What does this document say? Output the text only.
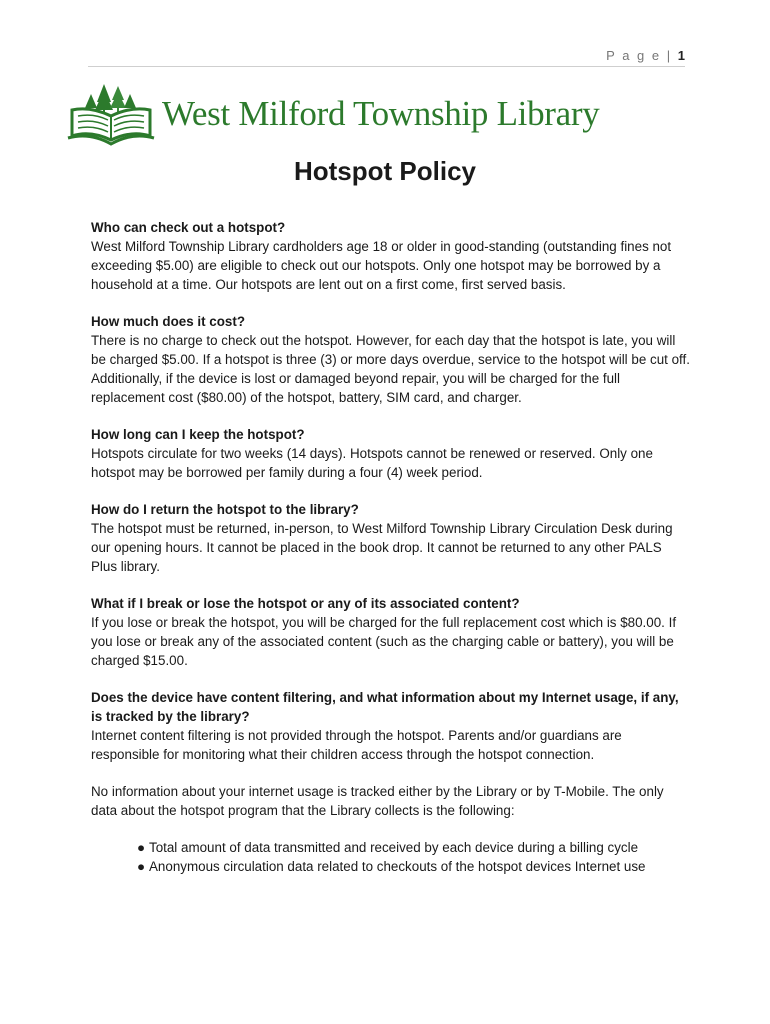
P a g e | 1
West Milford Township Library
Hotspot Policy
Who can check out a hotspot?
West Milford Township Library cardholders age 18 or older in good-standing (outstanding fines not exceeding $5.00) are eligible to check out our hotspots. Only one hotspot may be borrowed by a household at a time. Our hotspots are lent out on a first come, first served basis.
How much does it cost?
There is no charge to check out the hotspot. However, for each day that the hotspot is late, you will be charged $5.00. If a hotspot is three (3) or more days overdue, service to the hotspot will be cut off. Additionally, if the device is lost or damaged beyond repair, you will be charged for the full replacement cost ($80.00) of the hotspot, battery, SIM card, and charger.
How long can I keep the hotspot?
Hotspots circulate for two weeks (14 days). Hotspots cannot be renewed or reserved. Only one hotspot may be borrowed per family during a four (4) week period.
How do I return the hotspot to the library?
The hotspot must be returned, in-person, to West Milford Township Library Circulation Desk during our opening hours. It cannot be placed in the book drop. It cannot be returned to any other PALS Plus library.
What if I break or lose the hotspot or any of its associated content?
If you lose or break the hotspot, you will be charged for the full replacement cost which is $80.00. If you lose or break any of the associated content (such as the charging cable or battery), you will be charged $15.00.
Does the device have content filtering, and what information about my Internet usage, if any, is tracked by the library?
Internet content filtering is not provided through the hotspot. Parents and/or guardians are responsible for monitoring what their children access through the hotspot connection.
No information about your internet usage is tracked either by the Library or by T-Mobile. The only data about the hotspot program that the Library collects is the following:
● Total amount of data transmitted and received by each device during a billing cycle
● Anonymous circulation data related to checkouts of the hotspot devices Internet use
